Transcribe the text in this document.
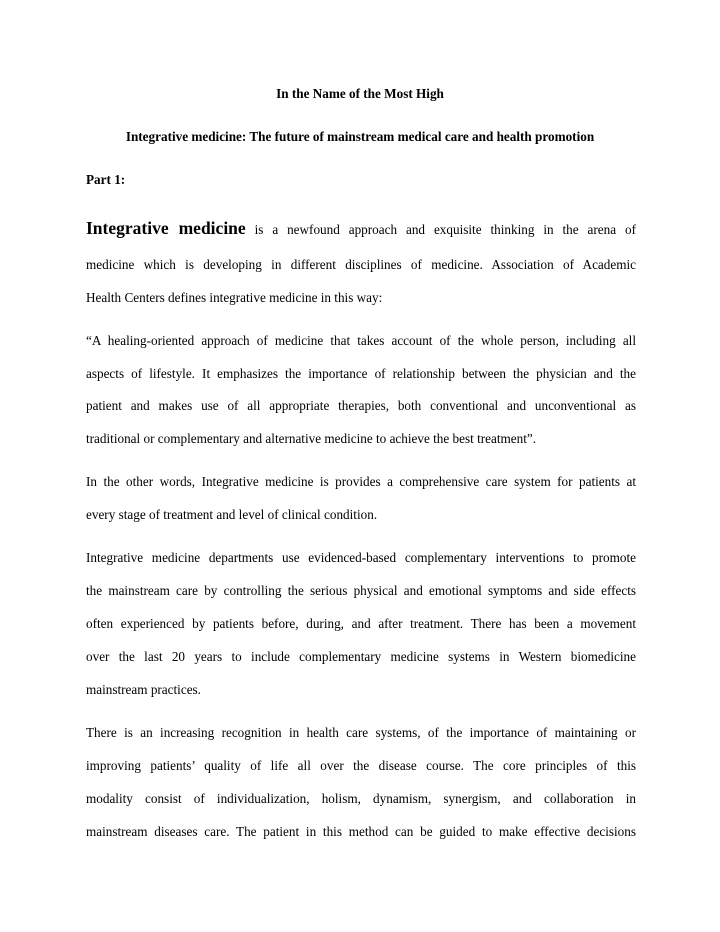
In the Name of the Most High
Integrative medicine: The future of mainstream medical care and health promotion
Part 1:
Integrative medicine is a newfound approach and exquisite thinking in the arena of
medicine which is developing in different disciplines of medicine. Association of Academic
Health Centers defines integrative medicine in this way:
“A healing-oriented approach of medicine that takes account of the whole person, including all
aspects of lifestyle. It emphasizes the importance of relationship between the physician and the
patient and makes use of all appropriate therapies, both conventional and unconventional as
traditional or complementary and alternative medicine to achieve the best treatment”.
In the other words, Integrative medicine is provides a comprehensive care system for patients at
every stage of treatment and level of clinical condition.
Integrative medicine departments use evidenced-based complementary interventions to promote
the mainstream care by controlling the serious physical and emotional symptoms and side effects
often experienced by patients before, during, and after treatment. There has been a movement
over the last 20 years to include complementary medicine systems in Western biomedicine
mainstream practices.
There is an increasing recognition in health care systems, of the importance of maintaining or
improving patients’ quality of life all over the disease course. The core principles of this
modality consist of individualization, holism, dynamism, synergism, and collaboration in
mainstream diseases care. The patient in this method can be guided to make effective decisions
